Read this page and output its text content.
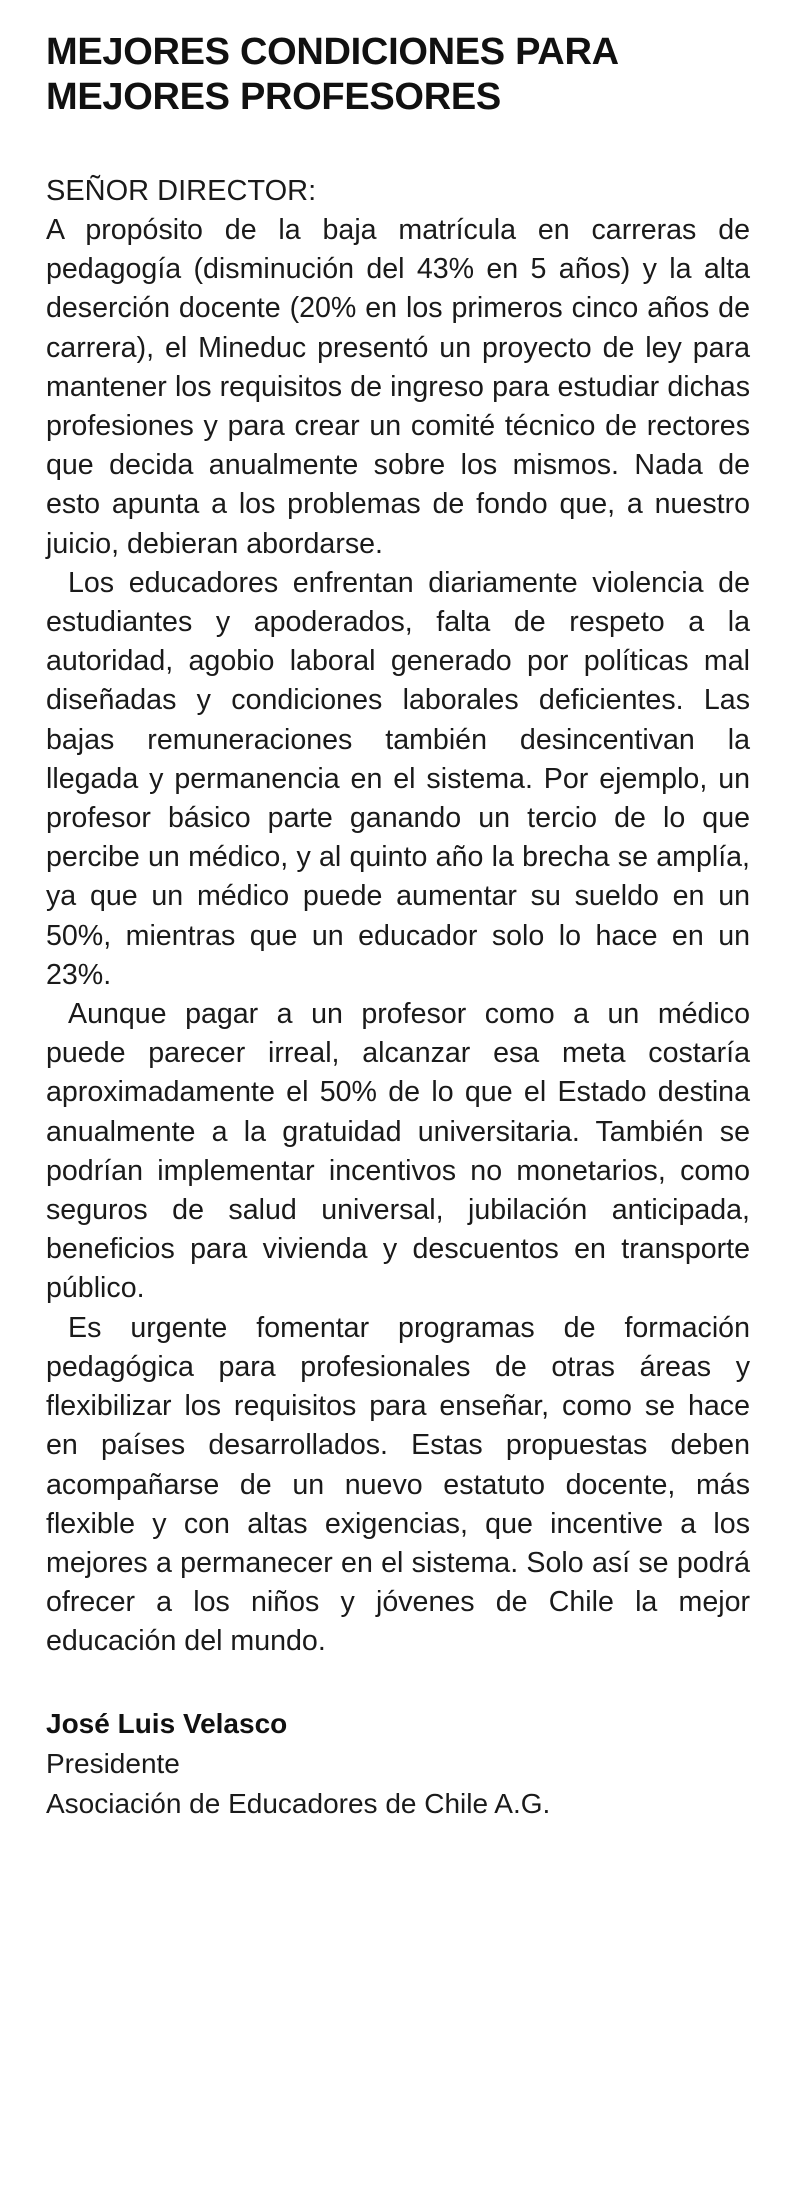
MEJORES CONDICIONES PARA
MEJORES PROFESORES
SEÑOR DIRECTOR:

A propósito de la baja matrícula en carreras de pedagogía (disminución del 43% en 5 años) y la alta deserción docente (20% en los primeros cinco años de carrera), el Mineduc presentó un proyecto de ley para mantener los requisitos de ingreso para estudiar dichas profesiones y para crear un comité técnico de rectores que decida anualmente sobre los mismos. Nada de esto apunta a los problemas de fondo que, a nuestro juicio, debieran abordarse.

Los educadores enfrentan diariamente violencia de estudiantes y apoderados, falta de respeto a la autoridad, agobio laboral generado por políticas mal diseñadas y condiciones laborales deficientes. Las bajas remuneraciones también desincentivan la llegada y permanencia en el sistema. Por ejemplo, un profesor básico parte ganando un tercio de lo que percibe un médico, y al quinto año la brecha se amplía, ya que un médico puede aumentar su sueldo en un 50%, mientras que un educador solo lo hace en un 23%.

Aunque pagar a un profesor como a un médico puede parecer irreal, alcanzar esa meta costaría aproximadamente el 50% de lo que el Estado destina anualmente a la gratuidad universitaria. También se podrían implementar incentivos no monetarios, como seguros de salud universal, jubilación anticipada, beneficios para vivienda y descuentos en transporte público.

Es urgente fomentar programas de formación pedagógica para profesionales de otras áreas y flexibilizar los requisitos para enseñar, como se hace en países desarrollados. Estas propuestas deben acompañarse de un nuevo estatuto docente, más flexible y con altas exigencias, que incentive a los mejores a permanecer en el sistema. Solo así se podrá ofrecer a los niños y jóvenes de Chile la mejor educación del mundo.

José Luis Velasco
Presidente
Asociación de Educadores de Chile A.G.
